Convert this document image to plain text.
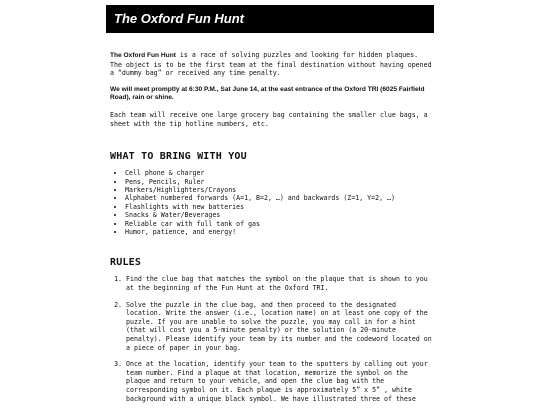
The Oxford Fun Hunt

The Oxford Fun Hunt is a race of solving puzzles and looking for hidden plaques. The object is to be the first team at the final destination without having opened a “dummy bag” or received any time penalty.

We will meet promptly at 6:30 P.M., Sat June 14, at the east entrance of the Oxford TRI (6025 Fairfield Road), rain or shine.

Each team will receive one large grocery bag containing the smaller clue bags, a sheet with the tip hotline numbers, etc.

WHAT TO BRING WITH YOU
• Cell phone & charger
• Pens, Pencils, Ruler
• Markers/Highlighters/Crayons
• Alphabet numbered forwards (A=1, B=2, …) and backwards (Z=1, Y=2, …)
• Flashlights with new batteries
• Snacks & Water/Beverages
• Reliable car with full tank of gas
• Humor, patience, and energy!
RULES
1. Find the clue bag that matches the symbol on the plaque that is shown to you at the beginning of the Fun Hunt at the Oxford TRI.
2. Solve the puzzle in the clue bag, and then proceed to the designated location. Write the answer (i.e., location name) on at least one copy of the puzzle. If you are unable to solve the puzzle, you may call in for a hint (that will cost you a 5-minute penalty) or the solution (a 20-minute penalty). Please identify your team by its number and the codeword located on a piece of paper in your bag.
3. Once at the location, identify your team to the spotters by calling out your team number. Find a plaque at that location, memorize the symbol on the plaque and return to your vehicle, and open the clue bag with the corresponding symbol on it. Each plaque is approximately 5” x 5” , white background with a unique black symbol. We have illustrated three of these
